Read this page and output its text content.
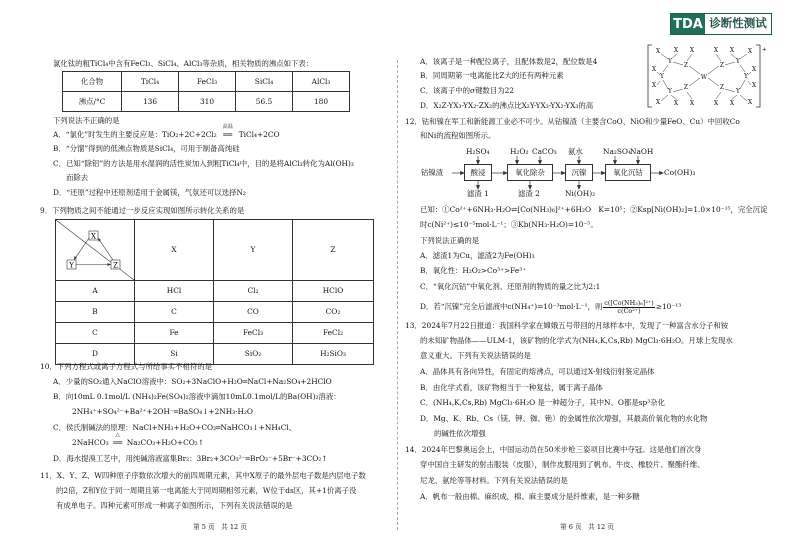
TDA 诊断性测试
氯化钛的粗TiCl₄中含有FeCl₃、SiCl₄、AlCl₃等杂质，相关物质的沸点如下表：
化合物	TiCl₄	FeCl₃	SiCl₄	AlCl₃
沸点/°C	136	310	56.5	180
下列说法不正确的是
A．“氯化”时发生的主要反应是：TiO₂+2C+2Cl₂
高温
══ TiCl₄+2CO
B．“分馏”得到的低沸点物质是SiCl₄，可用于制备高纯硅
C．已知“除铝”的方法是用水湿润的活性炭加入到粗TiCl₄中，目的是将AlCl₃转化为Al(OH)₃
而除去
D．“还原”过程中还原剂适用于金属镁，气氛还可以选择N₂
9．下列物质之间不能通过一步反应实现如图所示转化关系的是
X
Y Z	X	Y	Z
A	HCl	Cl₂	HClO
B	C	CO	CO₂
C	Fe	FeCl₃	FeCl₂
D	Si	SiO₂	H₂SiO₃
10．下列方程式或离子方程式与所给事实不相符的是
A．少量的SO₂通入NaClO溶液中：SO₂+3NaClO+H₂O═NaCl+Na₂SO₄+2HClO
B．向10mL 0.1mol/L (NH₄)₂Fe(SO₄)₂溶液中滴加10mL0.1mol/L的Ba(OH)₂溶液：
2NH₄⁺+SO₄²⁻+Ba²⁺+2OH⁻═BaSO₄↓+2NH₃·H₂O
C．侯氏制碱法的原理：NaCl+NH₃+H₂O+CO₂═NaHCO₃↓+NH₄Cl、
2NaHCO₃
△
══ Na₂CO₃+H₂O+CO₂↑
D．海水提溴工艺中，用纯碱溶液富集Br₂：3Br₂+3CO₃²⁻═BrO₃⁻+5Br⁻+3CO₂↑
11．X、Y、Z、W四种原子序数依次增大的前四周期元素，其中X原子的最外层电子数是内层电子数
的2倍，Z和Y位于同一周期且第一电离能大于同周期相邻元素，W位于ds区，其+1价离子没
有成单电子。四种元素可形成一种离子如图所示，下列有关说法错误的是
第 5 页　共 12 页
A．该离子是一种配位离子，且配体数是2，配位数是4
B．同周期第一电离能比Z大的还有两种元素
C．该离子中的σ键数目为22
D．X₂Z-YX₃-YX₂-ZX₂的沸点比X₂Y-YX₃-YX₂-YX₃的高
+
W
Z	Z
Z	Z
Y	Y
Y	Y
Y	Y
X X X	X X X
X	X
X	X
X X X	X X X
12．钴和镍在军工和新能源工业必不可少。从钴镍渣（主要含CoO、NiO和少量FeO、Cu）中回收Co
和Ni的流程如图所示。
钴镍渣
H₂SO₄	H₂O₂ CaCO₃ 氨水	Na₂SO₄ NaOH
酸浸	氧化除杂	沉镍	氧化沉钴	Co(OH)₃
滤渣 1	滤渣 2	Ni(OH)₂
已知：①Co²⁺+6NH₃·H₂O⇌[Co(NH₃)₆]²⁺+6H₂O　K=10⁵；②Ksp[Ni(OH)₂]=1.0×10⁻¹⁵，完全沉淀
时c(Ni²⁺)≤10⁻⁵mol·L⁻¹；③Kb(NH₃·H₂O)=10⁻⁵。
下列说法正确的是
A．滤渣1为Cu，滤渣2为Fe(OH)₃
B．氧化性：H₂O₂>Co³⁺>Fe³⁺
C．“氧化沉钴”中氧化剂、还原剂的物质的量之比为2:1
D．若“沉镍”完全后滤液中c(NH₄⁺)=10⁻³mol·L⁻¹，则 $\frac{\text{c([Co(NH₃)₆]²⁺)}}{\text{c(Co²⁺)}} \ge 10^{-13}$
13．2024年7月22日报道：我国科学家在嫦娥五号带回的月球样本中，发现了一种富含水分子和铵
的未知矿物晶体——ULM-1，该矿物的化学式为(NH₄,K,Cs,Rb) MgCl₃·6H₂O。月球上发现水
意义重大。下列有关说法错误的是
A．晶体具有各向异性，有固定的熔沸点，可以通过X-射线衍射鉴定晶体
B．由化学式看，该矿物相当于一种复盐，属于离子晶体
C．(NH₄,K,Cs,Rb) MgCl₃·6H₂O 是一种超分子，其中N、O都是sp³杂化
D．Mg、K、Rb、Cs（镁、钾、铷、铯）的金属性依次增强，其最高价氧化物的水化物
的碱性依次增强
14．2024年巴黎奥运会上，中国运动员在50米步枪三姿项目比赛中夺冠。这是他们首次身
穿中国自主研发的射击服装（皮服），制作皮服用到了帆布、牛皮、橡胶片、聚酯纤维、
尼龙、氨纶等等材料。下列有关说法错误的是
A．帆布一般由棉、麻织成，棉、麻主要成分是纤维素，是一种多糖
第 6 页　共 12 页
